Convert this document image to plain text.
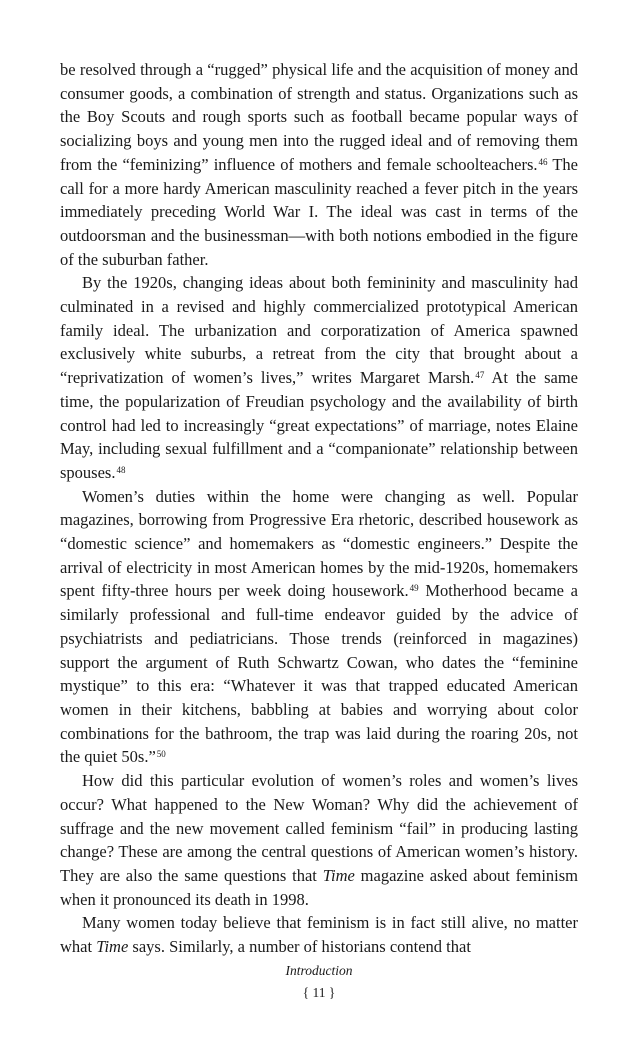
be resolved through a “rugged” physical life and the acquisition of money and consumer goods, a combination of strength and status. Organizations such as the Boy Scouts and rough sports such as football became popular ways of socializing boys and young men into the rugged ideal and of removing them from the “feminizing” influence of mothers and female schoolteachers.$^{46}$ The call for a more hardy American masculinity reached a fever pitch in the years immediately preceding World War I. The ideal was cast in terms of the outdoorsman and the businessman—with both notions embodied in the figure of the suburban father.

By the 1920s, changing ideas about both femininity and masculinity had culminated in a revised and highly commercialized prototypical American family ideal. The urbanization and corporatization of America spawned exclusively white suburbs, a retreat from the city that brought about a “reprivatization of women’s lives,” writes Margaret Marsh.$^{47}$ At the same time, the popularization of Freudian psychology and the availability of birth control had led to increasingly “great expectations” of marriage, notes Elaine May, including sexual fulfillment and a “companionate” relationship between spouses.$^{48}$

Women’s duties within the home were changing as well. Popular magazines, borrowing from Progressive Era rhetoric, described housework as “domestic science” and homemakers as “domestic engineers.” Despite the arrival of electricity in most American homes by the mid-1920s, homemakers spent fifty-three hours per week doing housework.$^{49}$ Motherhood became a similarly professional and full-time endeavor guided by the advice of psychiatrists and pediatricians. Those trends (reinforced in magazines) support the argument of Ruth Schwartz Cowan, who dates the “feminine mystique” to this era: “Whatever it was that trapped educated American women in their kitchens, babbling at babies and worrying about color combinations for the bathroom, the trap was laid during the roaring 20s, not the quiet 50s.”$^{50}$

How did this particular evolution of women’s roles and women’s lives occur? What happened to the New Woman? Why did the achievement of suffrage and the new movement called feminism “fail” in producing lasting change? These are among the central questions of American women’s history. They are also the same questions that Time magazine asked about feminism when it pronounced its death in 1998.

Many women today believe that feminism is in fact still alive, no matter what Time says. Similarly, a number of historians contend that

Introduction
{ 11 }
